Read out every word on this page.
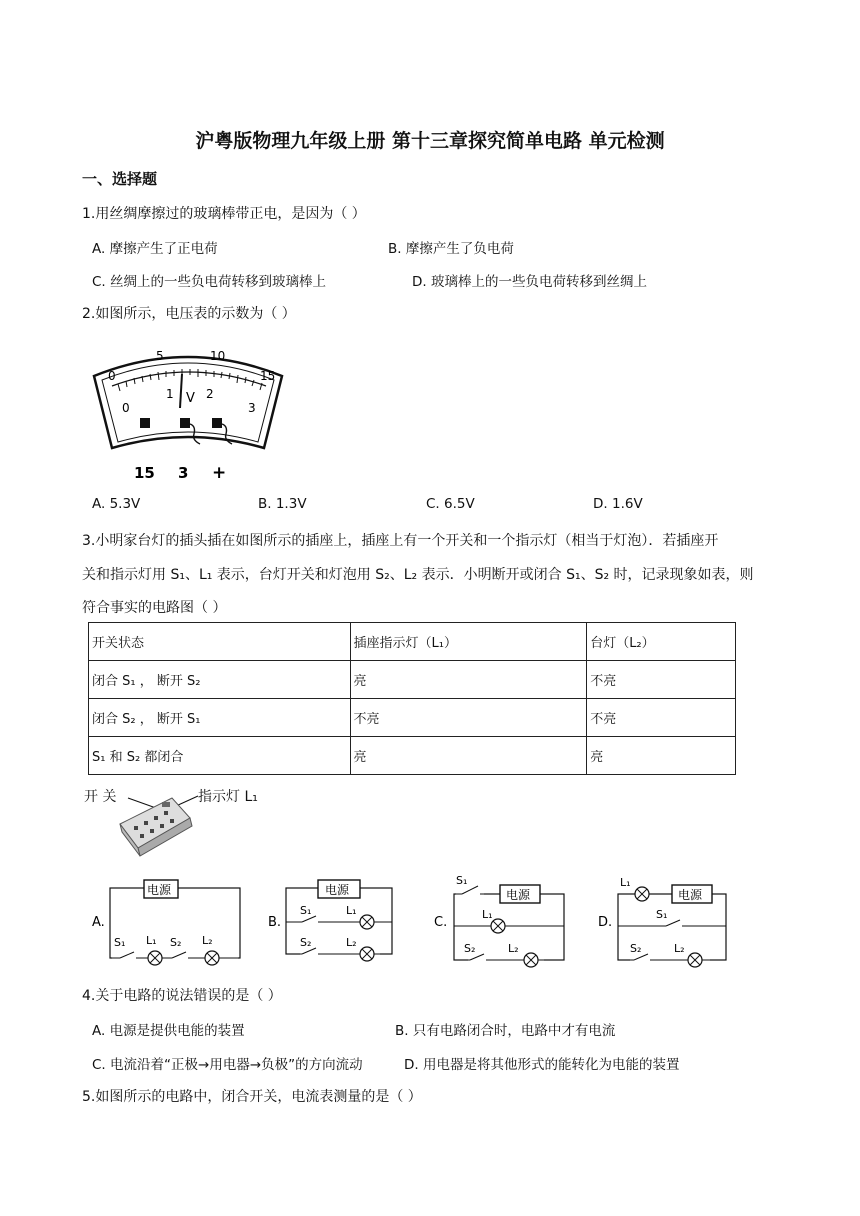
沪粤版物理九年级上册 第十三章探究简单电路 单元检测
一、选择题
1.用丝绸摩擦过的玻璃棒带正电，是因为（ ）
A. 摩擦产生了正电荷	B. 摩擦产生了负电荷
C. 丝绸上的一些负电荷转移到玻璃棒上	D. 玻璃棒上的一些负电荷转移到丝绸上
2.如图所示，电压表的示数为（ ）
0
5	10
15
0
1	2
3
V
15 3 +
A. 5.3V	B. 1.3V	C. 6.5V	D. 1.6V
3.小明家台灯的插头插在如图所示的插座上，插座上有一个开关和一个指示灯（相当于灯泡）．若插座开
关和指示灯用 S₁、L₁ 表示，台灯开关和灯泡用 S₂、L₂ 表示．小明断开或闭合 S₁、S₂ 时，记录现象如表，则
符合事实的电路图（ ）
开关状态	插座指示灯（L₁）	台灯（L₂）
闭合 S₁ ， 断开 S₂	亮	不亮
闭合 S₂ ， 断开 S₁	不亮	不亮
S₁ 和 S₂ 都闭合	亮	亮
开 关	指示灯 L₁
A.
电源
S₁ L₁ S₂ L₂
B.
电源
S₁	L₁
S₂	L₂
C.
电源
S₁
L₁
S₂	L₂
D.
电源
L₁
S₁
S₂	L₂
4.关于电路的说法错误的是（ ）
A. 电源是提供电能的装置	B. 只有电路闭合时，电路中才有电流
C. 电流沿着“正极→用电器→负极”的方向流动	D. 用电器是将其他形式的能转化为电能的装置
5.如图所示的电路中，闭合开关，电流表测量的是（ ）
